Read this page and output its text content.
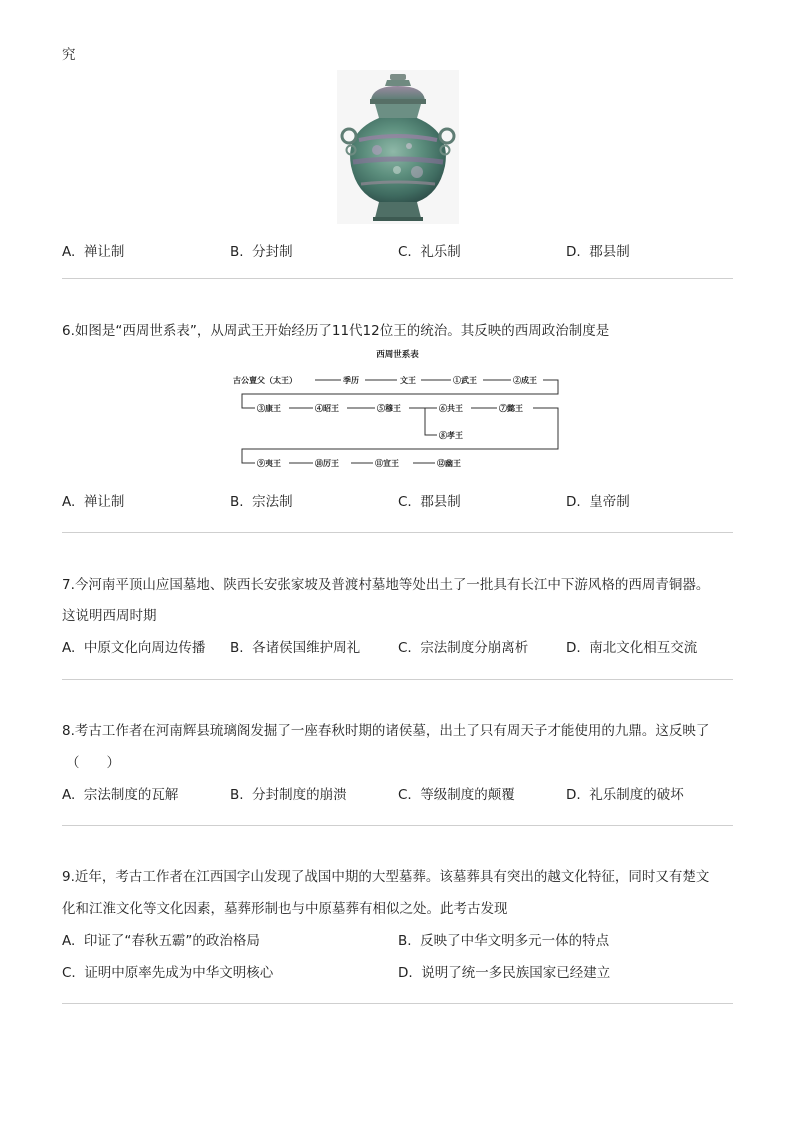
究
A. 禅让制	B. 分封制	C. 礼乐制	D. 郡县制
6.如图是“西周世系表”，从周武王开始经历了11代12位王的统治。其反映的西周政治制度是
西周世系表
古公亶父（太王）	季历	文王	①武王	②成王
③康王	④昭王	⑤穆王	⑥共王	⑦懿王
⑧孝王
⑨夷王	⑩厉王	⑪宣王	⑫幽王
A. 禅让制	B. 宗法制	C. 郡县制	D. 皇帝制
7.今河南平顶山应国墓地、陕西长安张家坡及普渡村墓地等处出土了一批具有长江中下游风格的西周青铜器。
这说明西周时期
A. 中原文化向周边传播 B. 各诸侯国维护周礼	C. 宗法制度分崩离析	D. 南北文化相互交流
8.考古工作者在河南辉县琉璃阁发掘了一座春秋时期的诸侯墓，出土了只有周天子才能使用的九鼎。这反映了
（　　）
A. 宗法制度的瓦解	B. 分封制度的崩溃	C. 等级制度的颠覆	D. 礼乐制度的破坏
9.近年，考古工作者在江西国字山发现了战国中期的大型墓葬。该墓葬具有突出的越文化特征，同时又有楚文
化和江淮文化等文化因素，墓葬形制也与中原墓葬有相似之处。此考古发现
A. 印证了“春秋五霸”的政治格局	B. 反映了中华文明多元一体的特点
C. 证明中原率先成为中华文明核心	D. 说明了统一多民族国家已经建立
